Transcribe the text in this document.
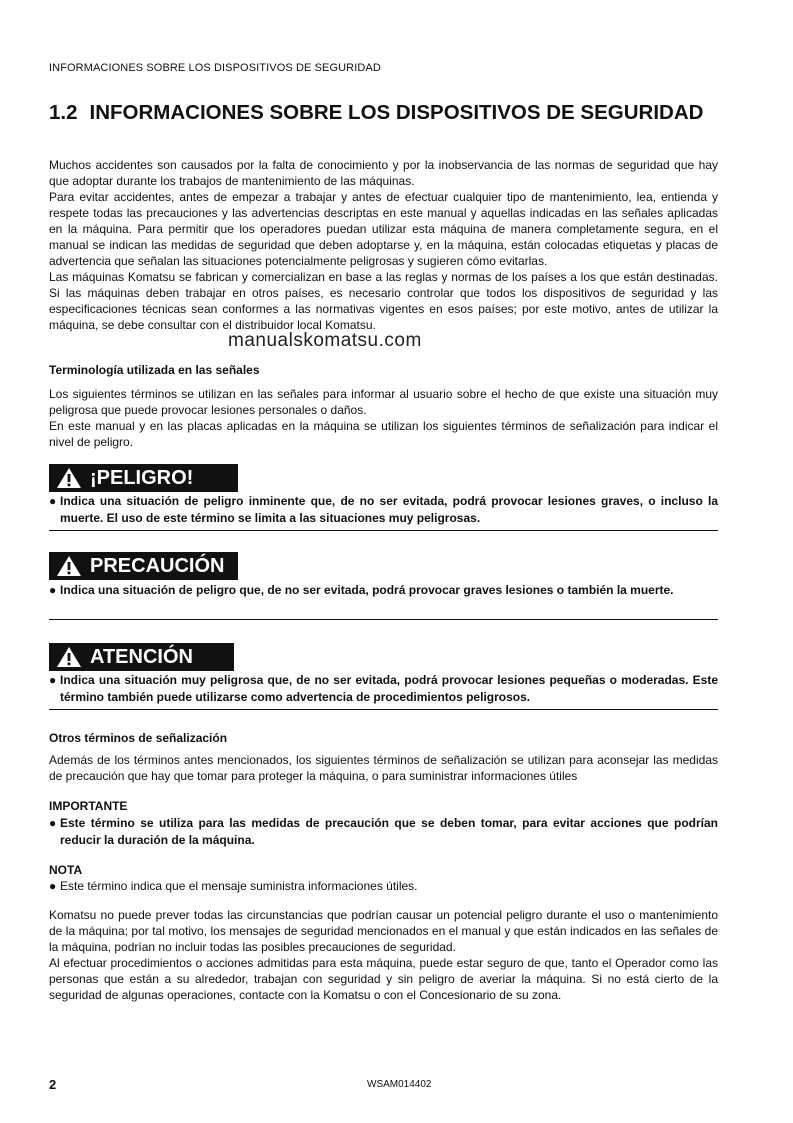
INFORMACIONES SOBRE LOS DISPOSITIVOS DE SEGURIDAD
1.2 INFORMACIONES SOBRE LOS DISPOSITIVOS DE SEGURIDAD

Muchos accidentes son causados por la falta de conocimiento y por la inobservancia de las normas de seguridad que hay que adoptar durante los trabajos de mantenimiento de las máquinas.

Para evitar accidentes, antes de empezar a trabajar y antes de efectuar cualquier tipo de mantenimiento, lea, entienda y respete todas las precauciones y las advertencias descriptas en este manual y aquellas indicadas en las señales aplicadas en la máquina. Para permitir que los operadores puedan utilizar esta máquina de manera completamente segura, en el manual se indican las medidas de seguridad que deben adoptarse y, en la máquina, están colocadas etiquetas y placas de advertencia que señalan las situaciones potencialmente peligrosas y sugieren cómo evitarlas.

Las máquinas Komatsu se fabrican y comercializan en base a las reglas y normas de los países a los que están destinadas. Si las máquinas deben trabajar en otros países, es necesario controlar que todos los dispositivos de seguridad y las especificaciones técnicas sean conformes a las normativas vigentes en esos países; por este motivo, antes de utilizar la máquina, se debe consultar con el distribuidor local Komatsu.

manualskomatsu.com
Terminología utilizada en las señales

Los siguientes términos se utilizan en las señales para informar al usuario sobre el hecho de que existe una situación muy peligrosa que puede provocar lesiones personales o daños.

En este manual y en las placas aplicadas en la máquina se utilizan los siguientes términos de señalización para indicar el nivel de peligro.

¡PELIGRO!
● Indica una situación de peligro inminente que, de no ser evitada, podrá provocar lesiones graves, o incluso la muerte. El uso de este término se limita a las situaciones muy peligrosas.
PRECAUCIÓN
● Indica una situación de peligro que, de no ser evitada, podrá provocar graves lesiones o también la muerte.
ATENCIÓN
● Indica una situación muy peligrosa que, de no ser evitada, podrá provocar lesiones pequeñas o moderadas. Este término también puede utilizarse como advertencia de procedimientos peligrosos.
Otros términos de señalización

Además de los términos antes mencionados, los siguientes términos de señalización se utilizan para aconsejar las medidas de precaución que hay que tomar para proteger la máquina, o para suministrar informaciones útiles

IMPORTANTE
● Este término se utiliza para las medidas de precaución que se deben tomar, para evitar acciones que podrían reducir la duración de la máquina.
NOTA
● Este término indica que el mensaje suministra informaciones útiles.

Komatsu no puede prever todas las circunstancias que podrían causar un potencial peligro durante el uso o mantenimiento de la máquina; por tal motivo, los mensajes de seguridad mencionados en el manual y que están indicados en las señales de la máquina, podrían no incluir todas las posibles precauciones de seguridad.

Al efectuar procedimientos o acciones admitidas para esta máquina, puede estar seguro de que, tanto el Operador como las personas que están a su alrededor, trabajan con seguridad y sin peligro de averiar la máquina. Si no está cierto de la seguridad de algunas operaciones, contacte con la Komatsu o con el Concesionario de su zona.

2	WSAM014402
